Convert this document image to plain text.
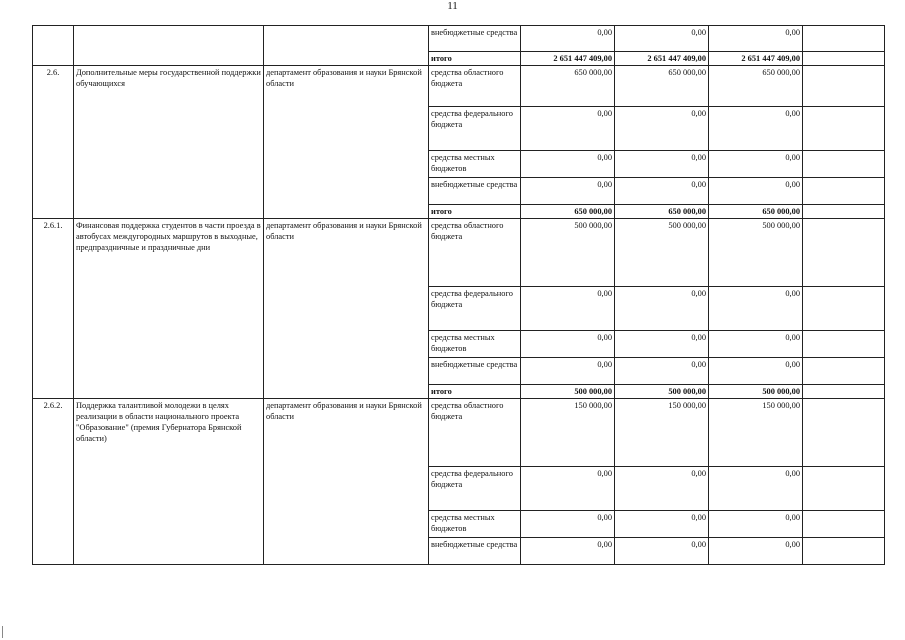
11
			внебюджетные средства	0,00	0,00	0,00	
			итого	2 651 447 409,00	2 651 447 409,00	2 651 447 409,00	
2.6.	Дополнительные меры государственной поддержки обучающихся	департамент образования и науки Брянской области	средства областного бюджета	650 000,00	650 000,00	650 000,00	
			средства федерального бюджета	0,00	0,00	0,00	
			средства местных бюджетов	0,00	0,00	0,00	
			внебюджетные средства	0,00	0,00	0,00	
			итого	650 000,00	650 000,00	650 000,00	
2.6.1.	Финансовая поддержка студентов в части проезда в автобусах междугородных маршрутов в выходные, предпраздничные и праздничные дни	департамент образования и науки Брянской области	средства областного бюджета	500 000,00	500 000,00	500 000,00	
			средства федерального бюджета	0,00	0,00	0,00	
			средства местных бюджетов	0,00	0,00	0,00	
			внебюджетные средства	0,00	0,00	0,00	
			итого	500 000,00	500 000,00	500 000,00	
2.6.2.	Поддержка талантливой молодежи в целях реализации в области национального проекта "Образование" (премия Губернатора Брянской области)	департамент образования и науки Брянской области	средства областного бюджета	150 000,00	150 000,00	150 000,00	
			средства федерального бюджета	0,00	0,00	0,00	
			средства местных бюджетов	0,00	0,00	0,00	
			внебюджетные средства	0,00	0,00	0,00	
